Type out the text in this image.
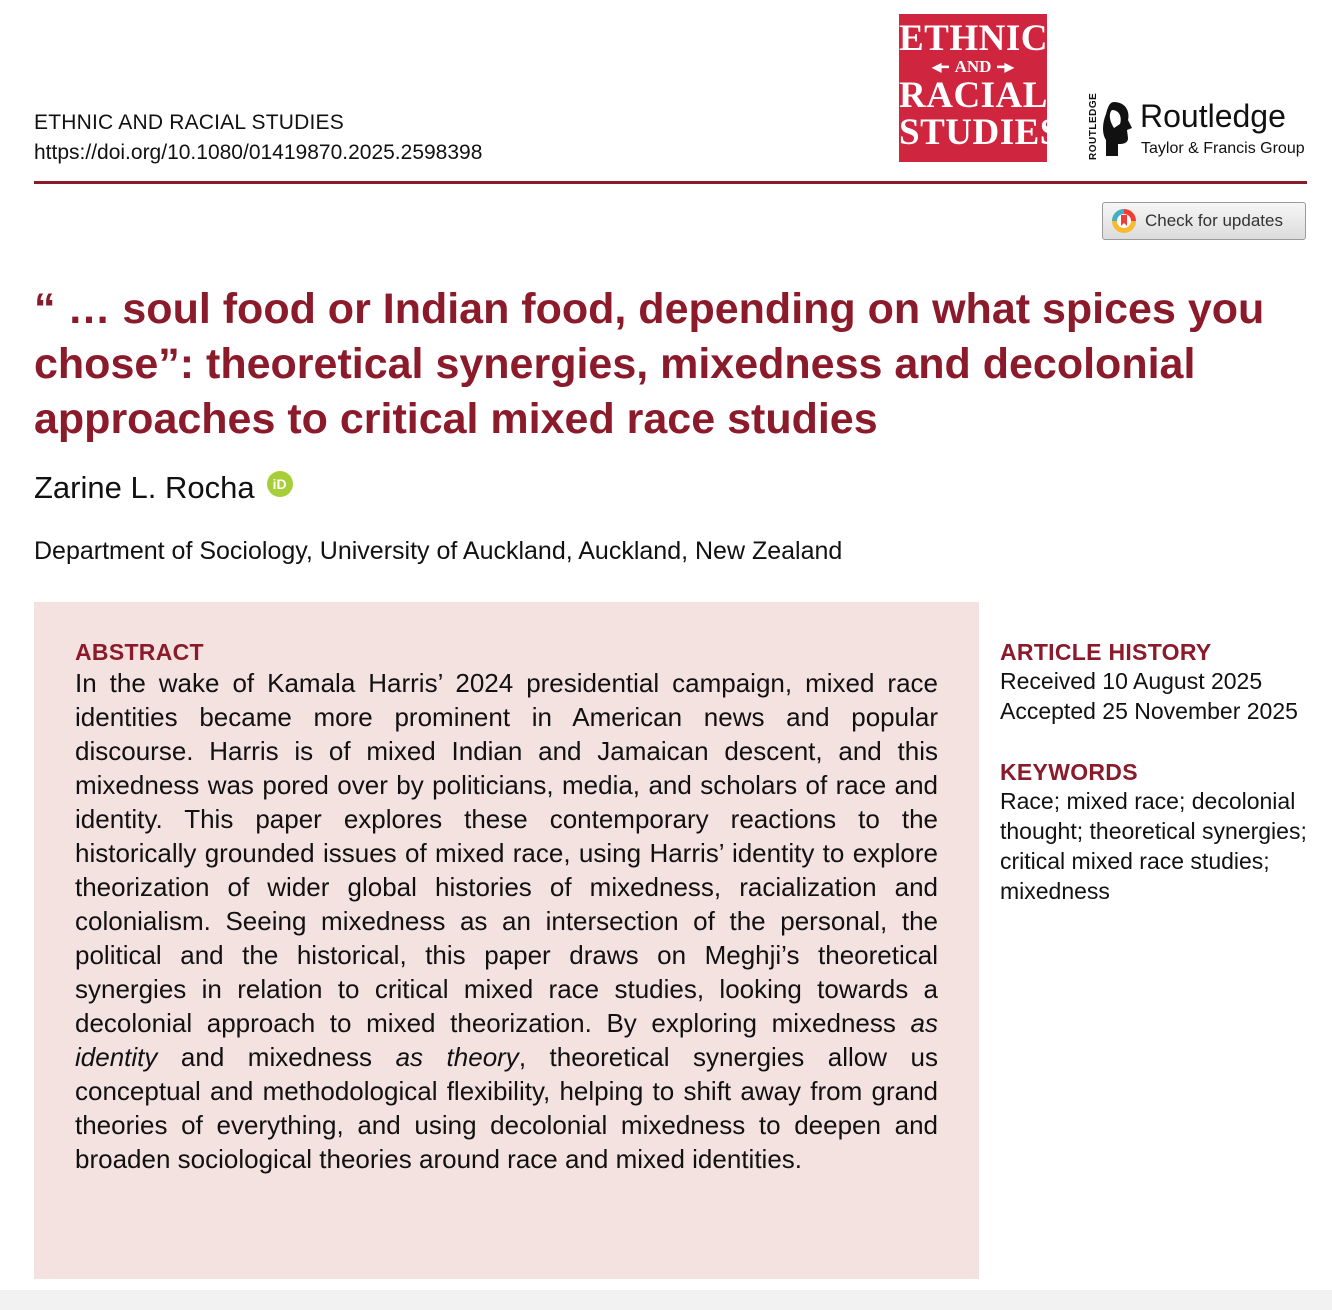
ETHNIC AND RACIAL STUDIES
https://doi.org/10.1080/01419870.2025.2598398
ETHNIC
◀━ AND ━▶
RACIAL
STUDIES	ROUTLEDGE Routledge
Taylor & Francis Group
Check for updates
“ … soul food or Indian food, depending on what spices you chose”: theoretical synergies, mixedness and decolonial approaches to critical mixed race studies
Zarine L. Rocha	iD
Department of Sociology, University of Auckland, Auckland, New Zealand
ABSTRACT

In the wake of Kamala Harris’ 2024 presidential campaign, mixed race identities became more prominent in American news and popular discourse. Harris is of mixed Indian and Jamaican descent, and this mixedness was pored over by politicians, media, and scholars of race and identity. This paper explores these contemporary reactions to the historically grounded issues of mixed race, using Harris’ identity to explore theorization of wider global histories of mixedness, racialization and colonialism. Seeing mixedness as an intersection of the personal, the political and the historical, this paper draws on Meghji’s theoretical synergies in relation to critical mixed race studies, looking towards a decolonial approach to mixed theorization. By exploring mixedness as identity and mixedness as theory, theoretical synergies allow us conceptual and methodological flexibility, helping to shift away from grand theories of everything, and using decolonial mixedness to deepen and broaden sociological theories around race and mixed identities.

ARTICLE HISTORY
Received 10 August 2025
Accepted 25 November 2025
KEYWORDS
Race; mixed race; decolonial thought; theoretical synergies; critical mixed race studies; mixedness
